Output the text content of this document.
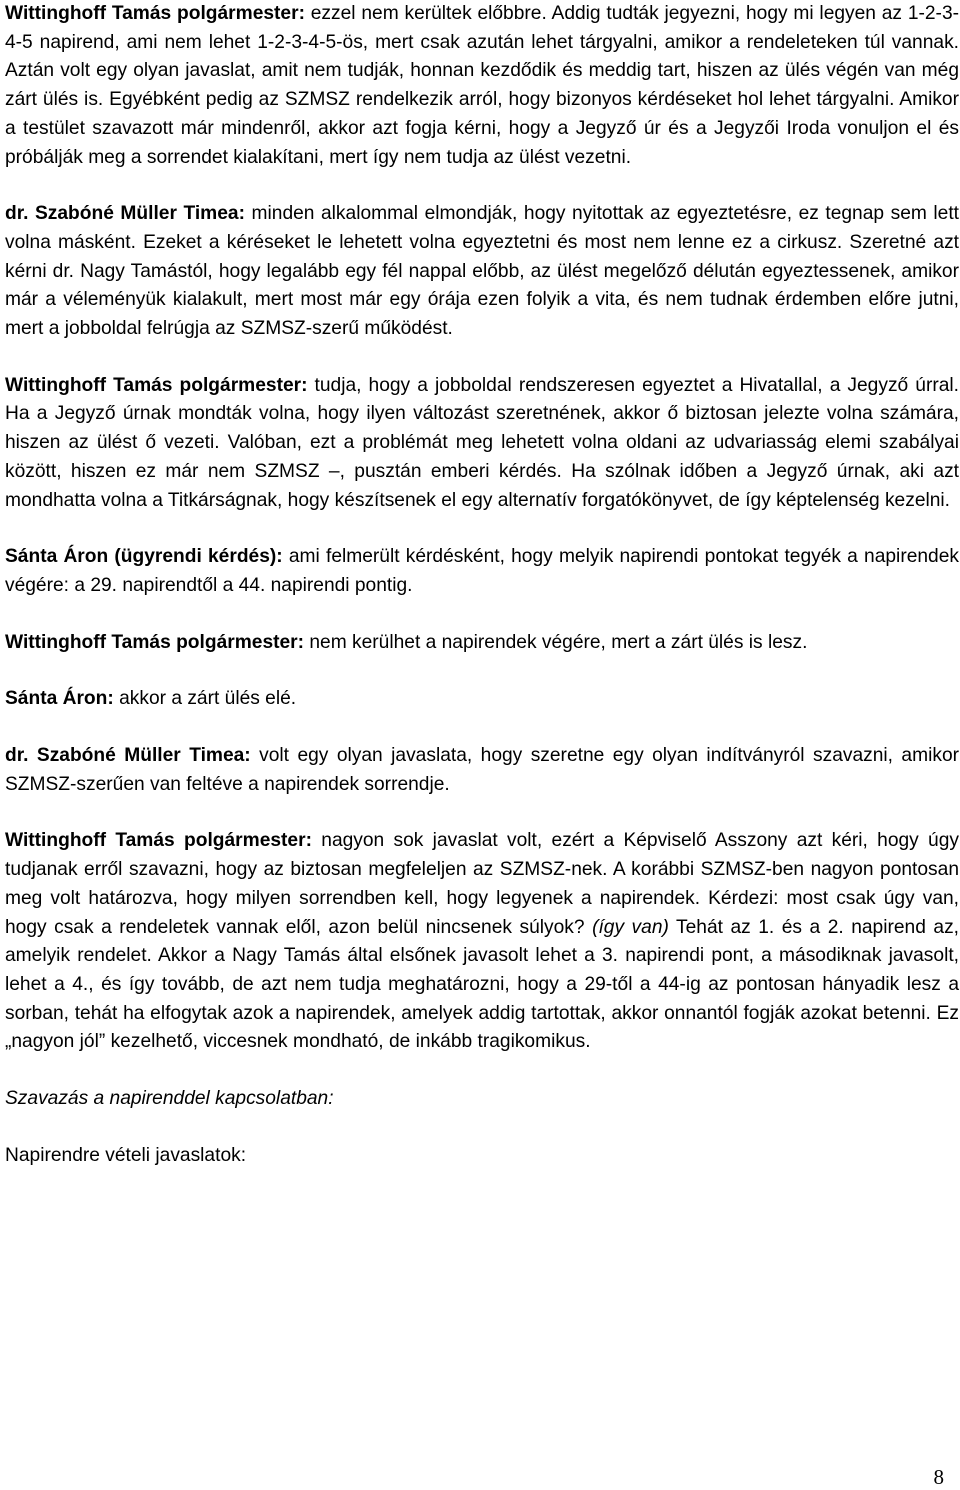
Wittinghoff Tamás polgármester: ezzel nem kerültek előbbre. Addig tudták jegyezni, hogy mi legyen az 1-2-3-4-5 napirend, ami nem lehet 1-2-3-4-5-ös, mert csak azután lehet tárgyalni, amikor a rendeleteken túl vannak. Aztán volt egy olyan javaslat, amit nem tudják, honnan kezdődik és meddig tart, hiszen az ülés végén van még zárt ülés is. Egyébként pedig az SZMSZ rendelkezik arról, hogy bizonyos kérdéseket hol lehet tárgyalni. Amikor a testület szavazott már mindenről, akkor azt fogja kérni, hogy a Jegyző úr és a Jegyzői Iroda vonuljon el és próbálják meg a sorrendet kialakítani, mert így nem tudja az ülést vezetni.

dr. Szabóné Müller Timea: minden alkalommal elmondják, hogy nyitottak az egyeztetésre, ez tegnap sem lett volna másként. Ezeket a kéréseket le lehetett volna egyeztetni és most nem lenne ez a cirkusz. Szeretné azt kérni dr. Nagy Tamástól, hogy legalább egy fél nappal előbb, az ülést megelőző délután egyeztessenek, amikor már a véleményük kialakult, mert most már egy órája ezen folyik a vita, és nem tudnak érdemben előre jutni, mert a jobboldal felrúgja az SZMSZ-szerű működést.

Wittinghoff Tamás polgármester: tudja, hogy a jobboldal rendszeresen egyeztet a Hivatallal, a Jegyző úrral. Ha a Jegyző úrnak mondták volna, hogy ilyen változást szeretnének, akkor ő biztosan jelezte volna számára, hiszen az ülést ő vezeti. Valóban, ezt a problémát meg lehetett volna oldani az udvariasság elemi szabályai között, hiszen ez már nem SZMSZ –, pusztán emberi kérdés. Ha szólnak időben a Jegyző úrnak, aki azt mondhatta volna a Titkárságnak, hogy készítsenek el egy alternatív forgatókönyvet, de így képtelenség kezelni.

Sánta Áron (ügyrendi kérdés): ami felmerült kérdésként, hogy melyik napirendi pontokat tegyék a napirendek végére: a 29. napirendtől a 44. napirendi pontig.

Wittinghoff Tamás polgármester: nem kerülhet a napirendek végére, mert a zárt ülés is lesz.

Sánta Áron: akkor a zárt ülés elé.

dr. Szabóné Müller Timea: volt egy olyan javaslata, hogy szeretne egy olyan indítványról szavazni, amikor SZMSZ-szerűen van feltéve a napirendek sorrendje.

Wittinghoff Tamás polgármester: nagyon sok javaslat volt, ezért a Képviselő Asszony azt kéri, hogy úgy tudjanak erről szavazni, hogy az biztosan megfeleljen az SZMSZ-nek. A korábbi SZMSZ-ben nagyon pontosan meg volt határozva, hogy milyen sorrendben kell, hogy legyenek a napirendek. Kérdezi: most csak úgy van, hogy csak a rendeletek vannak elől, azon belül nincsenek súlyok? (így van) Tehát az 1. és a 2. napirend az, amelyik rendelet. Akkor a Nagy Tamás által elsőnek javasolt lehet a 3. napirendi pont, a másodiknak javasolt, lehet a 4., és így tovább, de azt nem tudja meghatározni, hogy a 29-től a 44-ig az pontosan hányadik lesz a sorban, tehát ha elfogytak azok a napirendek, amelyek addig tartottak, akkor onnantól fogják azokat betenni. Ez „nagyon jól” kezelhető, viccesnek mondható, de inkább tragikomikus.

Szavazás a napirenddel kapcsolatban:

Napirendre vételi javaslatok:

8
